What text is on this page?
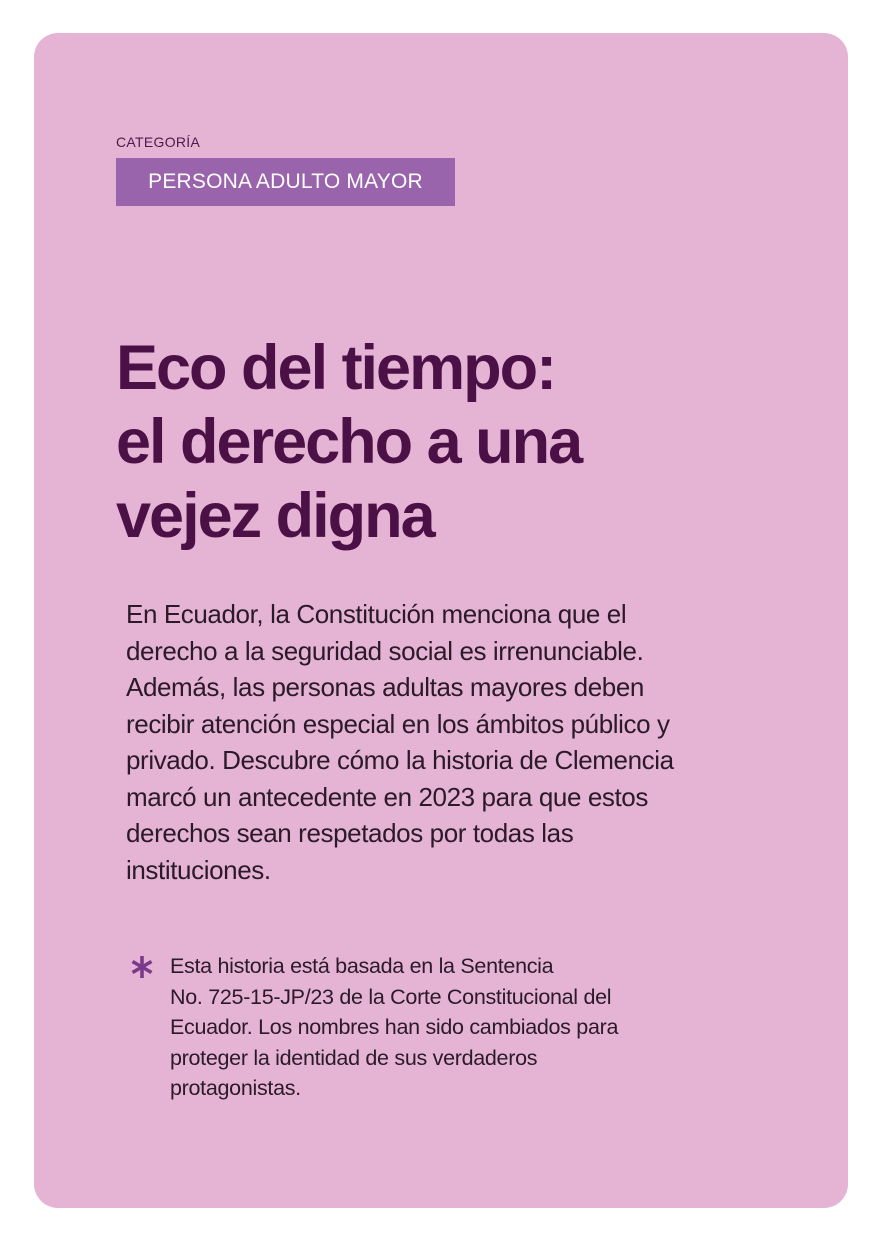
CATEGORÍA
PERSONA ADULTO MAYOR
Eco del tiempo:
el derecho a una
vejez digna

En Ecuador, la Constitución menciona que el
derecho a la seguridad social es irrenunciable.
Además, las personas adultas mayores deben
recibir atención especial en los ámbitos público y
privado. Descubre cómo la historia de Clemencia
marcó un antecedente en 2023 para que estos
derechos sean respetados por todas las
instituciones.

Esta historia está basada en la Sentencia
No. 725-15-JP/23 de la Corte Constitucional del
Ecuador. Los nombres han sido cambiados para
proteger la identidad de sus verdaderos
protagonistas.
